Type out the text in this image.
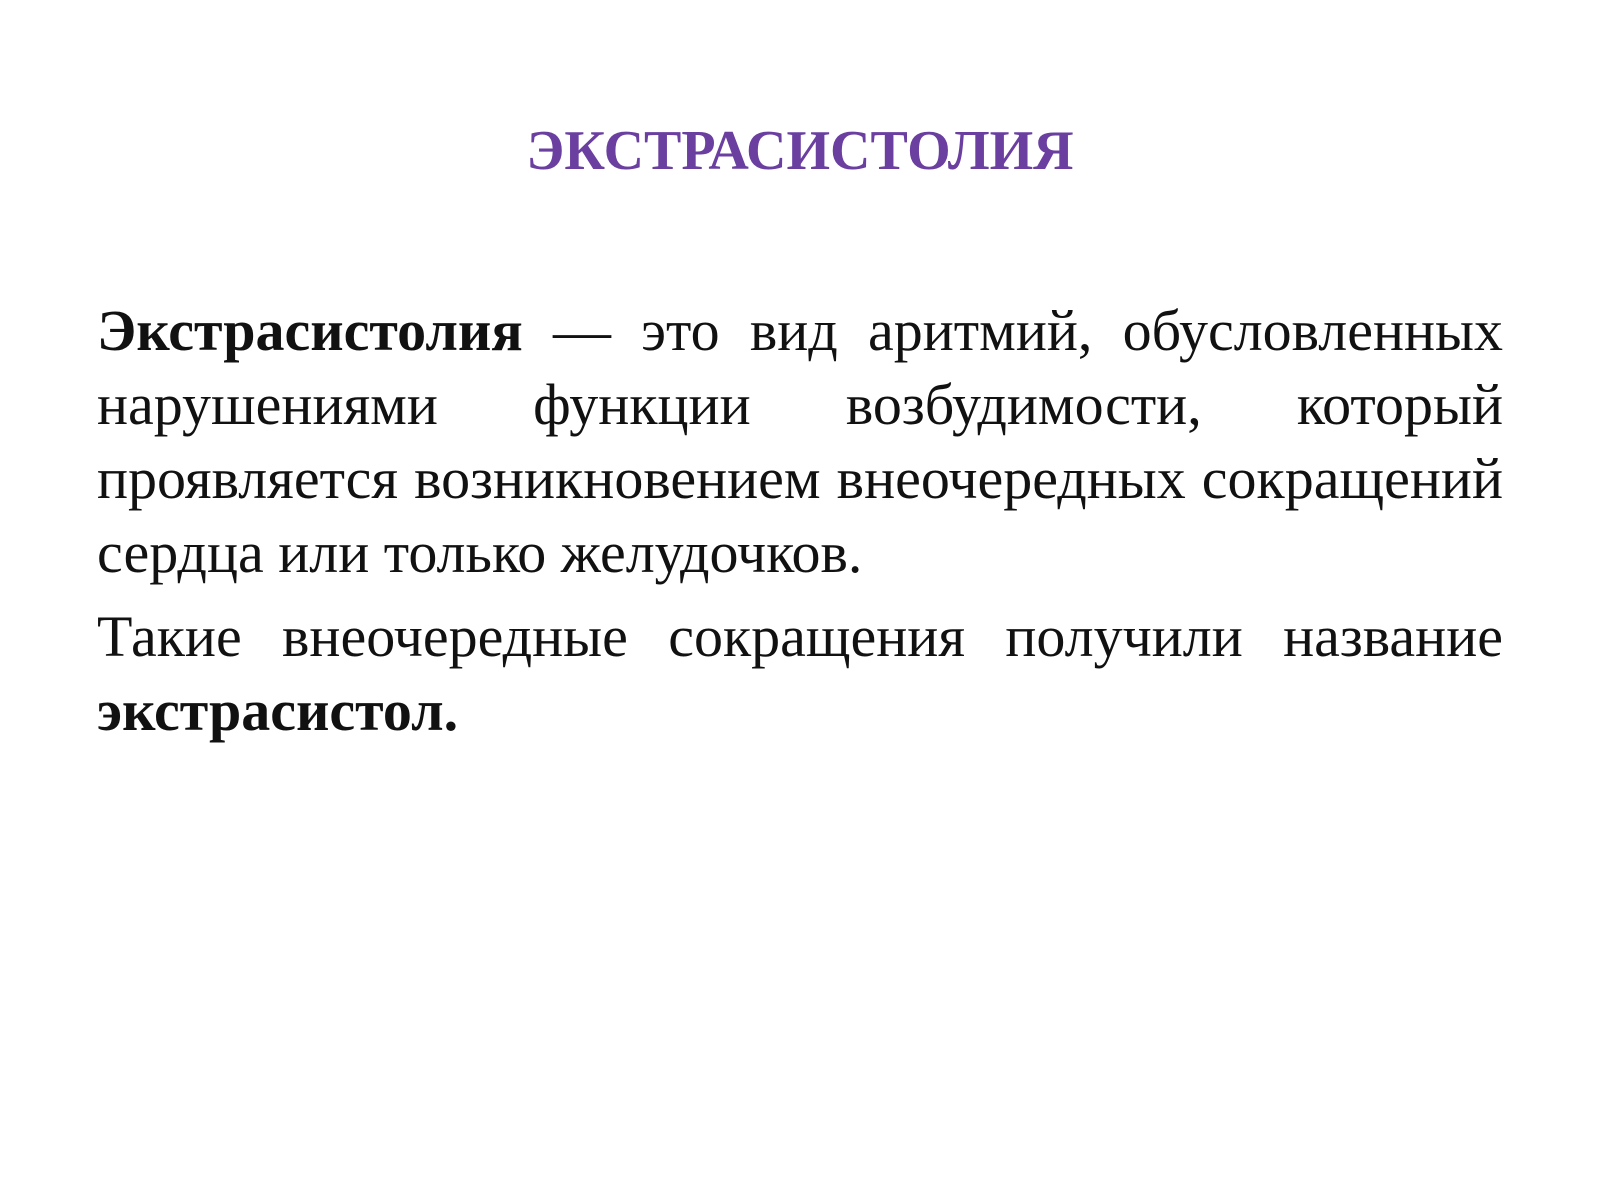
ЭКСТРАСИСТОЛИЯ

Экстрасистолия — это вид аритмий, обусловленных нарушениями функции возбудимости, который проявляется возникновением внеочередных сокращений сердца или только желудочков.

Такие внеочередные сокращения получили название экстрасистол.
